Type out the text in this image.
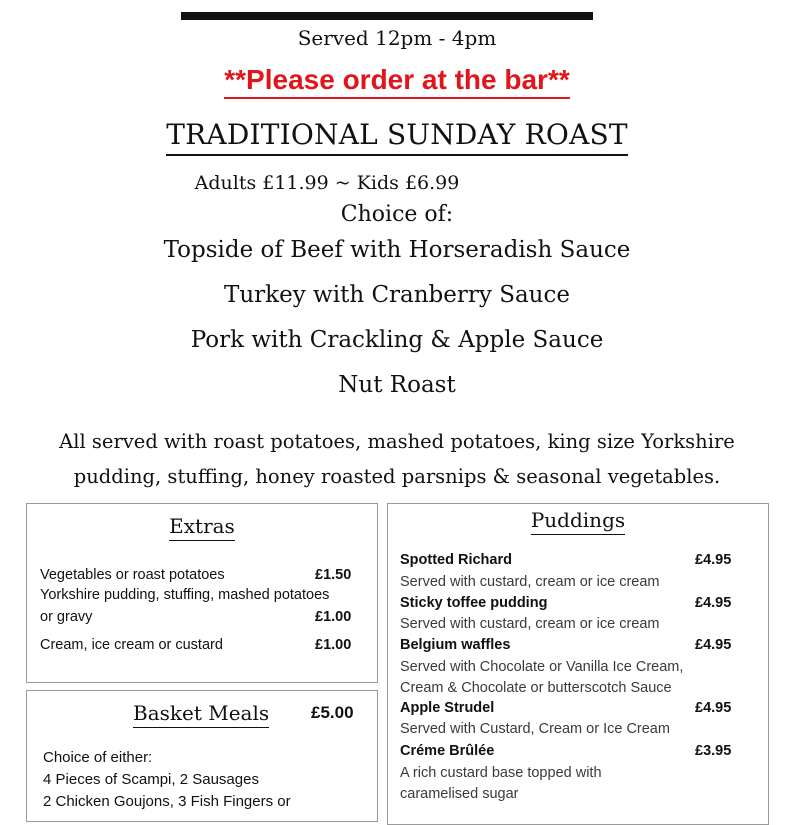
Served 12pm - 4pm
**Please order at the bar**
TRADITIONAL SUNDAY ROAST
Adults £11.99 ~ Kids £6.99
Choice of:
Topside of Beef with Horseradish Sauce
Turkey with Cranberry Sauce
Pork with Crackling & Apple Sauce
Nut Roast
All served with roast potatoes, mashed potatoes, king size Yorkshire
pudding, stuffing, honey roasted parsnips & seasonal vegetables.
Extras
Vegetables or roast potatoes	£1.50
Yorkshire pudding, stuffing, mashed potatoes
or gravy	£1.00
Cream, ice cream or custard	£1.00
Basket Meals £5.00
Choice of either:
4 Pieces of Scampi, 2 Sausages
2 Chicken Goujons, 3 Fish Fingers or
Puddings
Spotted Richard	£4.95
Served with custard, cream or ice cream
Sticky toffee pudding	£4.95
Served with custard, cream or ice cream
Belgium waffles	£4.95
Served with Chocolate or Vanilla Ice Cream,
Cream & Chocolate or butterscotch Sauce
Apple Strudel	£4.95
Served with Custard, Cream or Ice Cream
Créme Brûlée	£3.95
A rich custard base topped with
caramelised sugar
